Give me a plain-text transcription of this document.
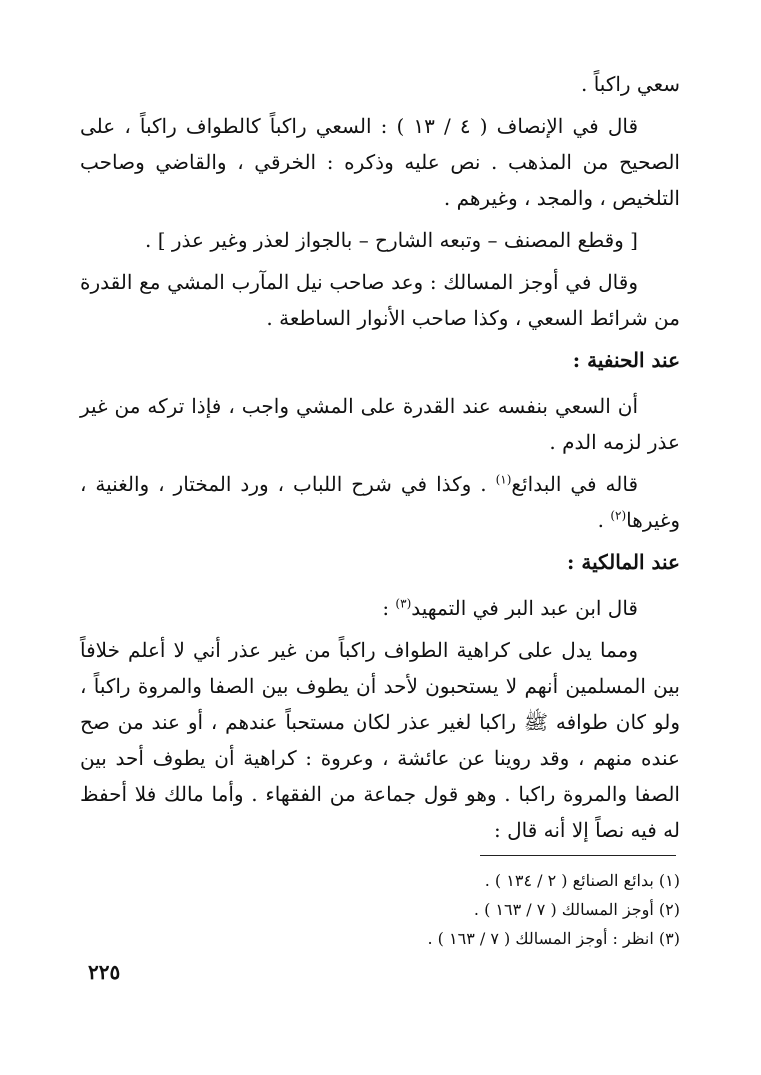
سعي راكباً .

قال في الإنصاف ( ٤ / ١٣ ) : السعي راكباً كالطواف راكباً ، على الصحيح من المذهب . نص عليه وذكره : الخرقي ، والقاضي وصاحب التلخيص ، والمجد ، وغيرهم .

[ وقطع المصنف – وتبعه الشارح – بالجواز لعذر وغير عذر ] .

وقال في أوجز المسالك : وعد صاحب نيل المآرب المشي مع القدرة من شرائط السعي ، وكذا صاحب الأنوار الساطعة .

عند الحنفية :

أن السعي بنفسه عند القدرة على المشي واجب ، فإذا تركه من غير عذر لزمه الدم .

قاله في البدائع$^{(١)}$ . وكذا في شرح اللباب ، ورد المختار ، والغنية ، وغيرها$^{(٢)}$ .

عند المالكية :

قال ابن عبد البر في التمهيد$^{(٣)}$ :

ومما يدل على كراهية الطواف راكباً من غير عذر أني لا أعلم خلافاً بين المسلمين أنهم لا يستحبون لأحد أن يطوف بين الصفا والمروة راكباً ، ولو كان طوافه ﷺ راكبا لغير عذر لكان مستحباً عندهم ، أو عند من صح عنده منهم ، وقد روينا عن عائشة ، وعروة : كراهية أن يطوف أحد بين الصفا والمروة راكبا . وهو قول جماعة من الفقهاء . وأما مالك فلا أحفظ له فيه نصاً إلا أنه قال :

(١) بدائع الصنائع ( ٢ / ١٣٤ ) .
(٢) أوجز المسالك ( ٧ / ١٦٣ ) .
(٣) انظر : أوجز المسالك ( ٧ / ١٦٣ ) .
٢٢٥
